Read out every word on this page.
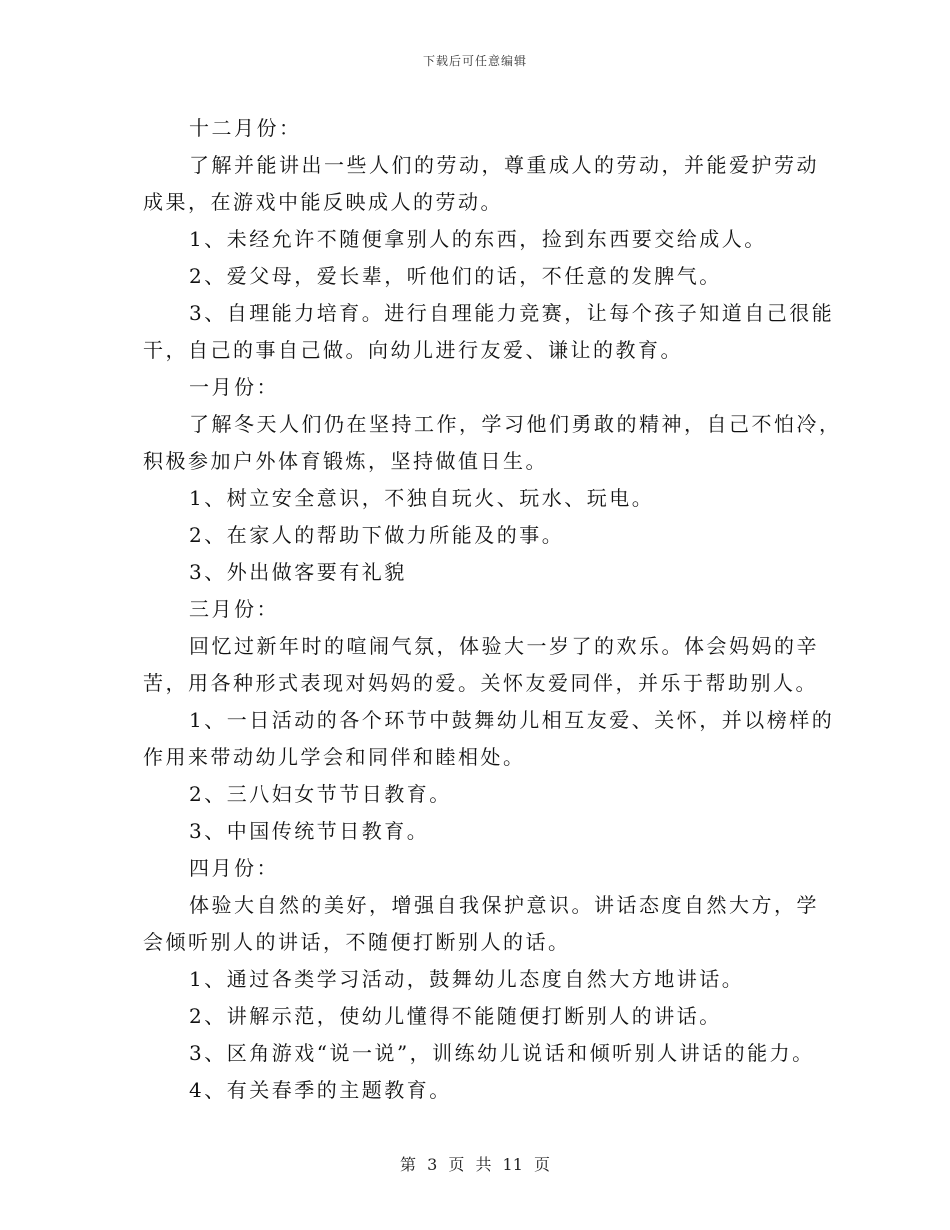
下载后可任意编辑
十二月份：
了解并能讲出一些人们的劳动，尊重成人的劳动，并能爱护劳动
成果，在游戏中能反映成人的劳动。
1、未经允许不随便拿别人的东西，捡到东西要交给成人。
2、爱父母，爱长辈，听他们的话，不任意的发脾气。
3、自理能力培育。进行自理能力竞赛，让每个孩子知道自己很能
干，自己的事自己做。向幼儿进行友爱、谦让的教育。
一月份：
了解冬天人们仍在坚持工作，学习他们勇敢的精神，自己不怕冷，
积极参加户外体育锻炼，坚持做值日生。
1、树立安全意识，不独自玩火、玩水、玩电。
2、在家人的帮助下做力所能及的事。
3、外出做客要有礼貌
三月份：
回忆过新年时的喧闹气氛，体验大一岁了的欢乐。体会妈妈的辛
苦，用各种形式表现对妈妈的爱。关怀友爱同伴，并乐于帮助别人。
1、一日活动的各个环节中鼓舞幼儿相互友爱、关怀，并以榜样的
作用来带动幼儿学会和同伴和睦相处。
2、三八妇女节节日教育。
3、中国传统节日教育。
四月份：
体验大自然的美好，增强自我保护意识。讲话态度自然大方，学
会倾听别人的讲话，不随便打断别人的话。
1、通过各类学习活动，鼓舞幼儿态度自然大方地讲话。
2、讲解示范，使幼儿懂得不能随便打断别人的讲话。
3、区角游戏“说一说”，训练幼儿说话和倾听别人讲话的能力。
4、有关春季的主题教育。
第 3 页 共 11 页
